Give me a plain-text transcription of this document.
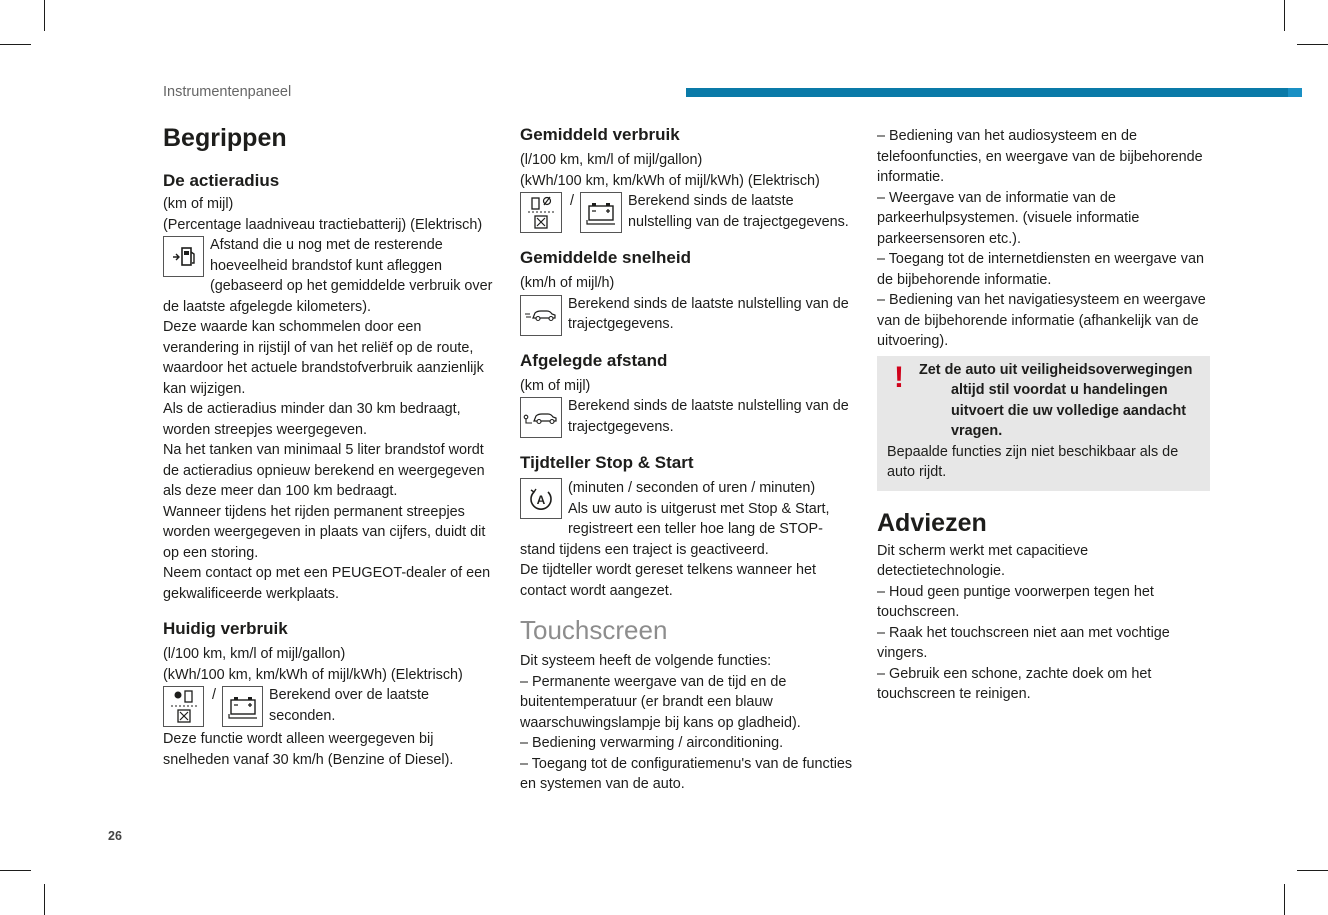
Instrumentenpaneel
Begrippen
De actieradius

(km of mijl)

(Percentage laadniveau tractiebatterij) (Elektrisch)

Afstand die u nog met de resterende hoeveelheid brandstof kunt afleggen (gebaseerd op het gemiddelde verbruik over de laatste afgelegde kilometers).

Deze waarde kan schommelen door een verandering in rijstijl of van het reliëf op de route, waardoor het actuele brandstofverbruik aanzienlijk kan wijzigen.

Als de actieradius minder dan 30 km bedraagt, worden streepjes weergegeven.

Na het tanken van minimaal 5 liter brandstof wordt de actieradius opnieuw berekend en weergegeven als deze meer dan 100 km bedraagt.

Wanneer tijdens het rijden permanent streepjes worden weergegeven in plaats van cijfers, duidt dit op een storing.

Neem contact op met een PEUGEOT-dealer of een gekwalificeerde werkplaats.

Huidig verbruik

(l/100 km, km/l of mijl/gallon)

(kWh/100 km, km/kWh of mijl/kWh) (Elektrisch)

/	Berekend over de laatste seconden.

Deze functie wordt alleen weergegeven bij snelheden vanaf 30 km/h (Benzine of Diesel).

Gemiddeld verbruik

(l/100 km, km/l of mijl/gallon)

(kWh/100 km, km/kWh of mijl/kWh) (Elektrisch)

/	Berekend sinds de laatste nulstelling van de trajectgegevens.

Gemiddelde snelheid

(km/h of mijl/h)

Berekend sinds de laatste nulstelling van de trajectgegevens.

Afgelegde afstand

(km of mijl)

Berekend sinds de laatste nulstelling van de trajectgegevens.

Tijdteller Stop & Start
A

(minuten / seconden of uren / minuten)

Als uw auto is uitgerust met Stop & Start, registreert een teller hoe lang de STOP-stand tijdens een traject is geactiveerd.

De tijdteller wordt gereset telkens wanneer het contact wordt aangezet.

Touchscreen

Dit systeem heeft de volgende functies:

– Permanente weergave van de tijd en de buitentemperatuur (er brandt een blauw waarschuwingslampje bij kans op gladheid).

– Bediening verwarming / airconditioning.

– Toegang tot de configuratiemenu's van de functies en systemen van de auto.

– Bediening van het audiosysteem en de telefoonfuncties, en weergave van de bijbehorende informatie.

– Weergave van de informatie van de parkeerhulpsystemen. (visuele informatie parkeersensoren etc.).

– Toegang tot de internetdiensten en weergave van de bijbehorende informatie.

– Bediening van het navigatiesysteem en weergave van de bijbehorende informatie (afhankelijk van de uitvoering).

!	Zet de auto uit veiligheidsoverwegingen altijd stil voordat u handelingen uitvoert die uw volledige aandacht vragen.

Bepaalde functies zijn niet beschikbaar als de auto rijdt.

Adviezen

Dit scherm werkt met capacitieve detectietechnologie.

– Houd geen puntige voorwerpen tegen het touchscreen.

– Raak het touchscreen niet aan met vochtige vingers.

– Gebruik een schone, zachte doek om het touchscreen te reinigen.

26
